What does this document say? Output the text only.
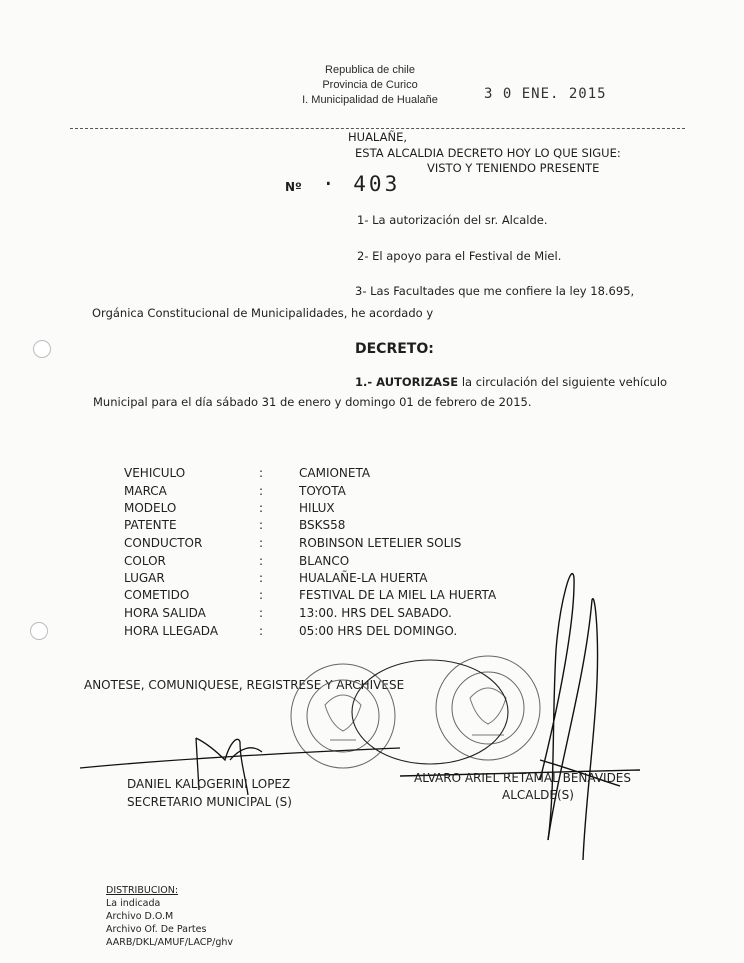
Republica de chile
Provincia de Curico
I. Municipalidad de Hualañe	3 0 ENE. 2015
HUALAÑE,
ESTA ALCALDIA DECRETO HOY LO QUE SIGUE:
VISTO Y TENIENDO PRESENTE
Nº · 403
1- La autorización del sr. Alcalde.
2- El apoyo para el Festival de Miel.
3- Las Facultades que me confiere la ley 18.695,
Orgánica Constitucional de Municipalidades, he acordado y
DECRETO:
1.- AUTORIZASE la circulación del siguiente vehículo
Municipal para el día sábado 31 de enero y domingo 01 de febrero de 2015.
VEHICULO	:	CAMIONETA
MARCA	:	TOYOTA
MODELO	:	HILUX
PATENTE	:	BSKS58
CONDUCTOR	:	ROBINSON LETELIER SOLIS
COLOR	:	BLANCO
LUGAR	:	HUALAÑE-LA HUERTA
COMETIDO	:	FESTIVAL DE LA MIEL LA HUERTA
HORA SALIDA	:	13:00. HRS DEL SABADO.
HORA LLEGADA	:	05:00 HRS DEL DOMINGO.
ANOTESE, COMUNIQUESE, REGISTRESE Y ARCHIVESE
DANIEL KALOGERINI LOPEZ
SECRETARIO MUNICIPAL (S)
ALVARO ARIEL RETAMAL BENAVIDES
ALCALDE(S)
DISTRIBUCION:
La indicada
Archivo D.O.M
Archivo Of. De Partes
AARB/DKL/AMUF/LACP/ghv
